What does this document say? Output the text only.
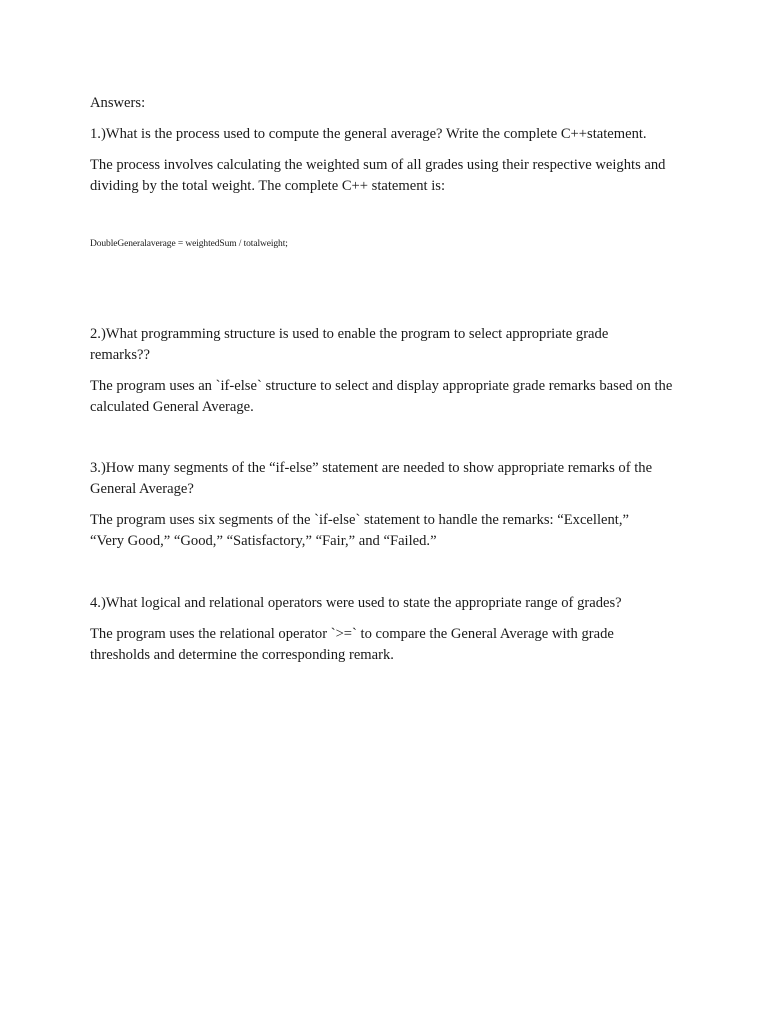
Answers:

1.)What is the process used to compute the general average? Write the complete C++statement.

The process involves calculating the weighted sum of all grades using their respective weights and dividing by the total weight. The complete C++ statement is:

DoubleGeneralaverage = weightedSum / totalweight;

2.)What programming structure is used to enable the program to select appropriate grade remarks??

The program uses an `if-else` structure to select and display appropriate grade remarks based on the calculated General Average.

3.)How many segments of the “if-else” statement are needed to show appropriate remarks of the General Average?

The program uses six segments of the `if-else` statement to handle the remarks: “Excellent,” “Very Good,” “Good,” “Satisfactory,” “Fair,” and “Failed.”

4.)What logical and relational operators were used to state the appropriate range of grades?

The program uses the relational operator `>=` to compare the General Average with grade thresholds and determine the corresponding remark.
